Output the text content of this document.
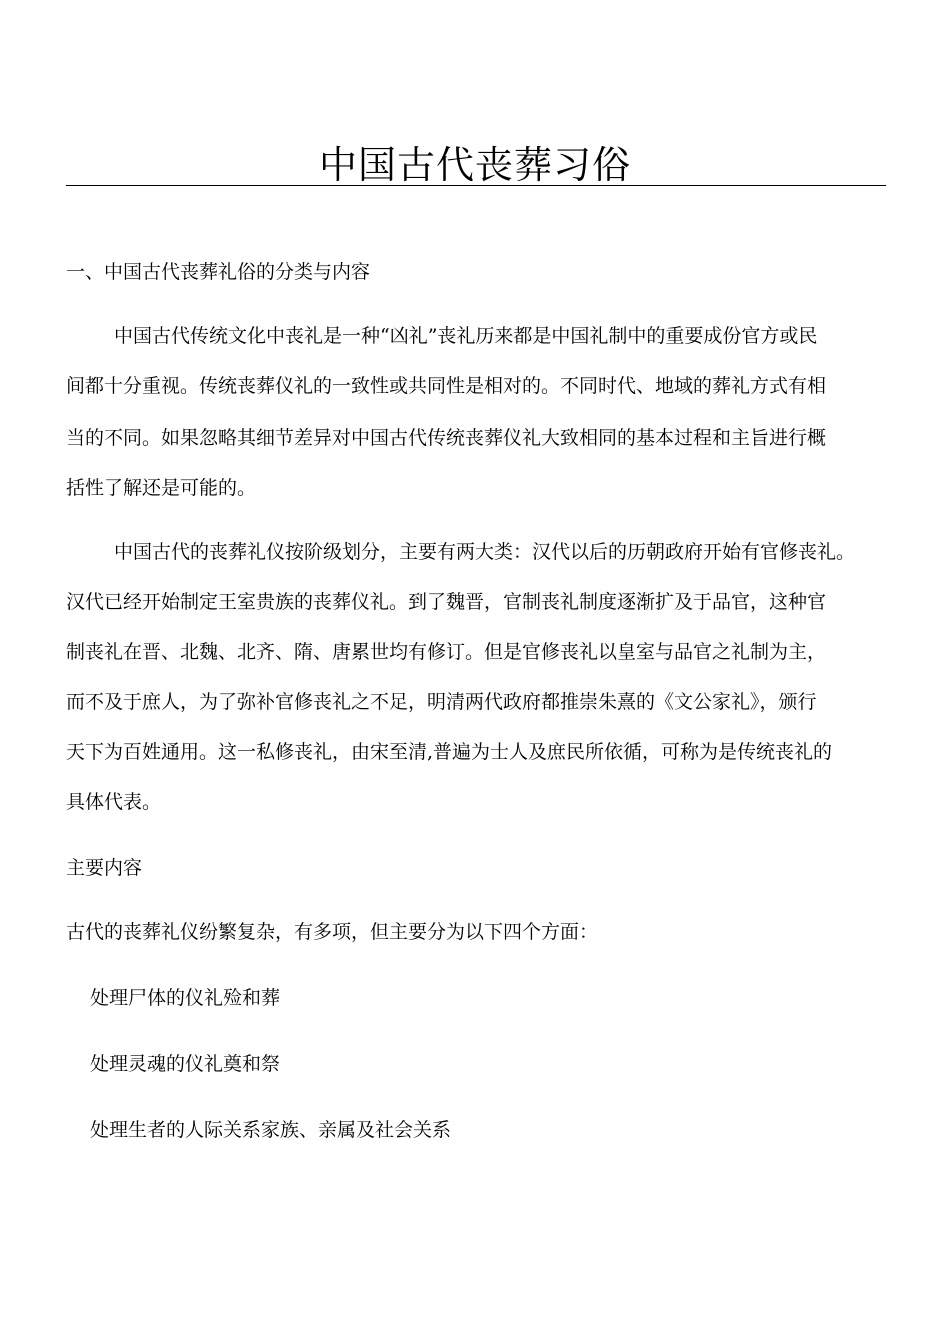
中国古代丧葬习俗

一、中国古代丧葬礼俗的分类与内容

中国古代传统文化中丧礼是一种“凶礼”丧礼历来都是中国礼制中的重要成份官方或民

间都十分重视。传统丧葬仪礼的一致性或共同性是相对的。不同时代、地域的葬礼方式有相

当的不同。如果忽略其细节差异对中国古代传统丧葬仪礼大致相同的基本过程和主旨进行概

括性了解还是可能的。

中国古代的丧葬礼仪按阶级划分，主要有两大类：汉代以后的历朝政府开始有官修丧礼。

汉代已经开始制定王室贵族的丧葬仪礼。到了魏晋，官制丧礼制度逐渐扩及于品官，这种官

制丧礼在晋、北魏、北齐、隋、唐累世均有修订。但是官修丧礼以皇室与品官之礼制为主，

而不及于庶人，为了弥补官修丧礼之不足，明清两代政府都推崇朱熹的《文公家礼》，颁行

天下为百姓通用。这一私修丧礼，由宋至清,普遍为士人及庶民所依循，可称为是传统丧礼的

具体代表。

主要内容

古代的丧葬礼仪纷繁复杂，有多项，但主要分为以下四个方面：

处理尸体的仪礼殓和葬

处理灵魂的仪礼奠和祭

处理生者的人际关系家族、亲属及社会关系
